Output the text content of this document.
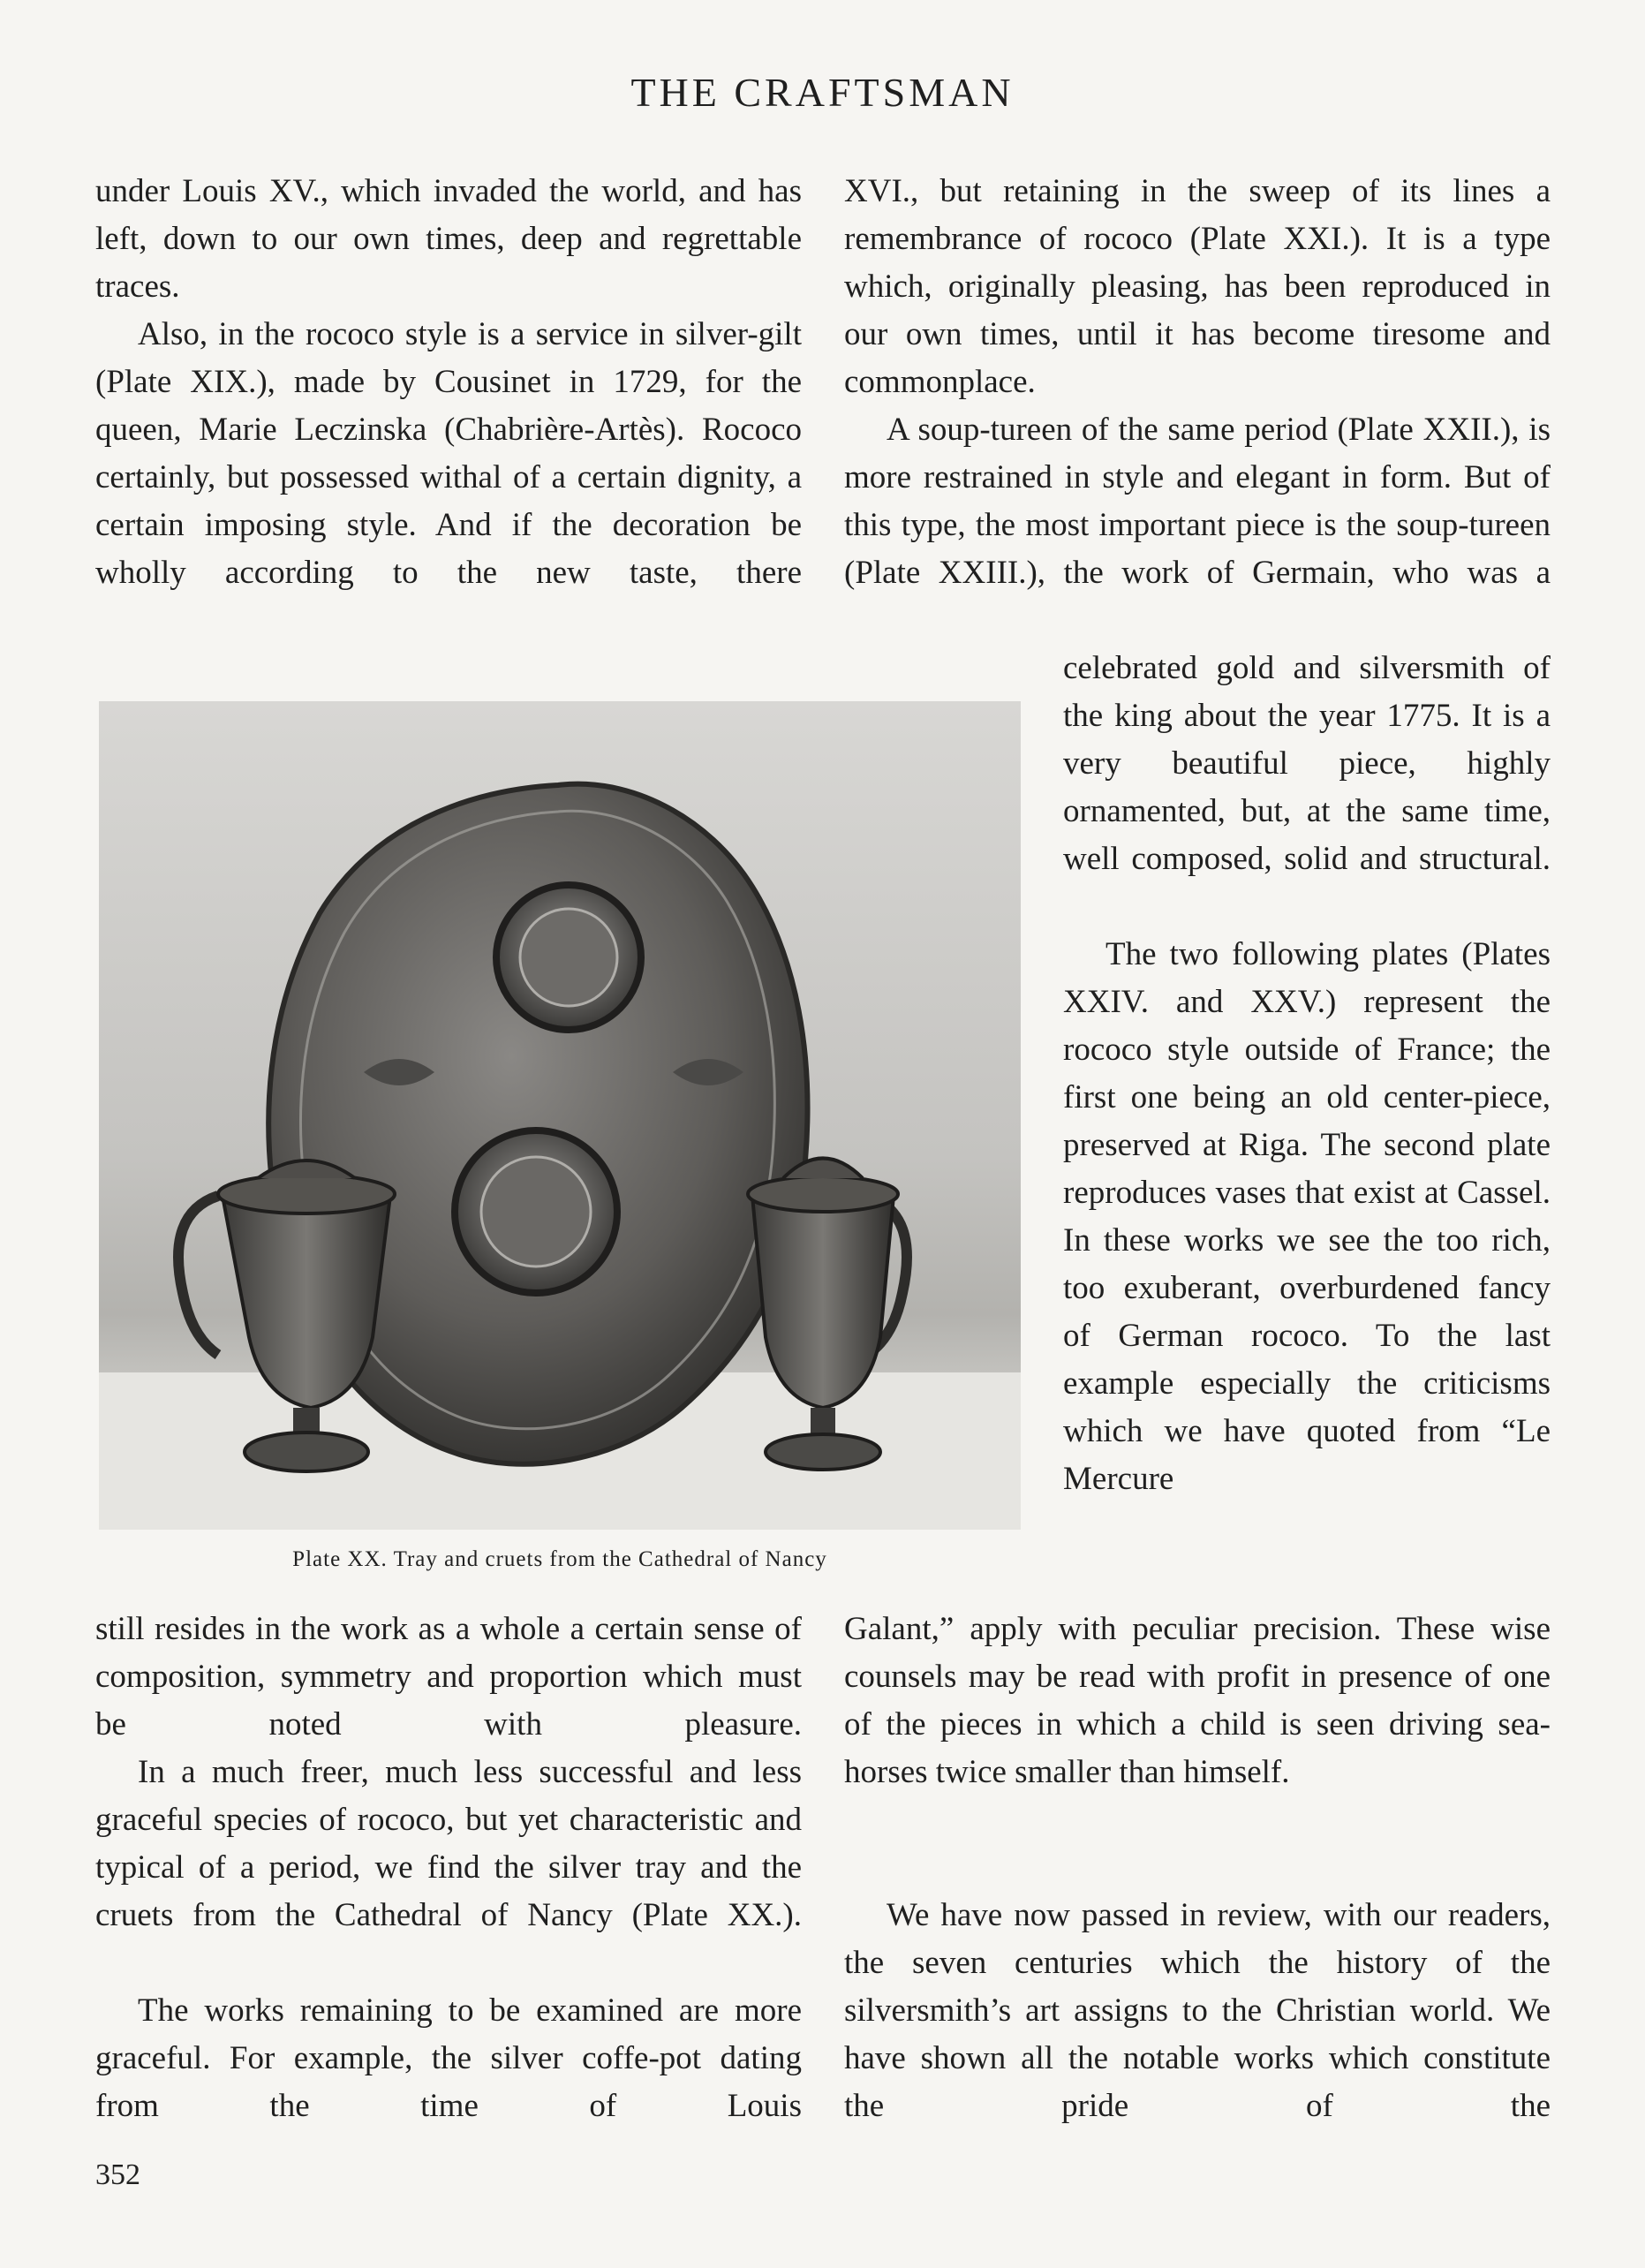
THE CRAFTSMAN

under Louis XV., which invaded the world, and has left, down to our own times, deep and regrettable traces.

Also, in the rococo style is a service in silver-gilt (Plate XIX.), made by Cousinet in 1729, for the queen, Marie Leczinska (Chabrière-Artès). Rococo certainly, but possessed withal of a certain dignity, a certain imposing style. And if the decoration be wholly according to the new taste, there

Plate XX. Tray and cruets from the Cathedral of Nancy

still resides in the work as a whole a certain sense of composition, symmetry and proportion which must be noted with pleasure.

In a much freer, much less successful and less graceful species of rococo, but yet characteristic and typical of a period, we find the silver tray and the cruets from the Cathedral of Nancy (Plate XX.).

The works remaining to be examined are more graceful. For example, the silver coffe-pot dating from the time of Louis

XVI., but retaining in the sweep of its lines a remembrance of rococo (Plate XXI.). It is a type which, originally pleasing, has been reproduced in our own times, until it has become tiresome and commonplace.

A soup-tureen of the same period (Plate XXII.), is more restrained in style and elegant in form. But of this type, the most important piece is the soup-tureen (Plate XXIII.), the work of Germain, who was a

celebrated gold and silversmith of the king about the year 1775. It is a very beautiful piece, highly ornamented, but, at the same time, well composed, solid and structural.

The two following plates (Plates XXIV. and XXV.) represent the rococo style outside of France; the first one being an old center-piece, preserved at Riga. The second plate reproduces vases that exist at Cassel. In these works we see the too rich, too exuberant, overburdened fancy of German rococo. To the last example especially the criticisms which we have quoted from “Le Mercure

Galant,” apply with peculiar precision. These wise counsels may be read with profit in presence of one of the pieces in which a child is seen driving sea-horses twice smaller than himself.

We have now passed in review, with our readers, the seven centuries which the history of the silversmith’s art assigns to the Christian world. We have shown all the notable works which constitute the pride of the

352
